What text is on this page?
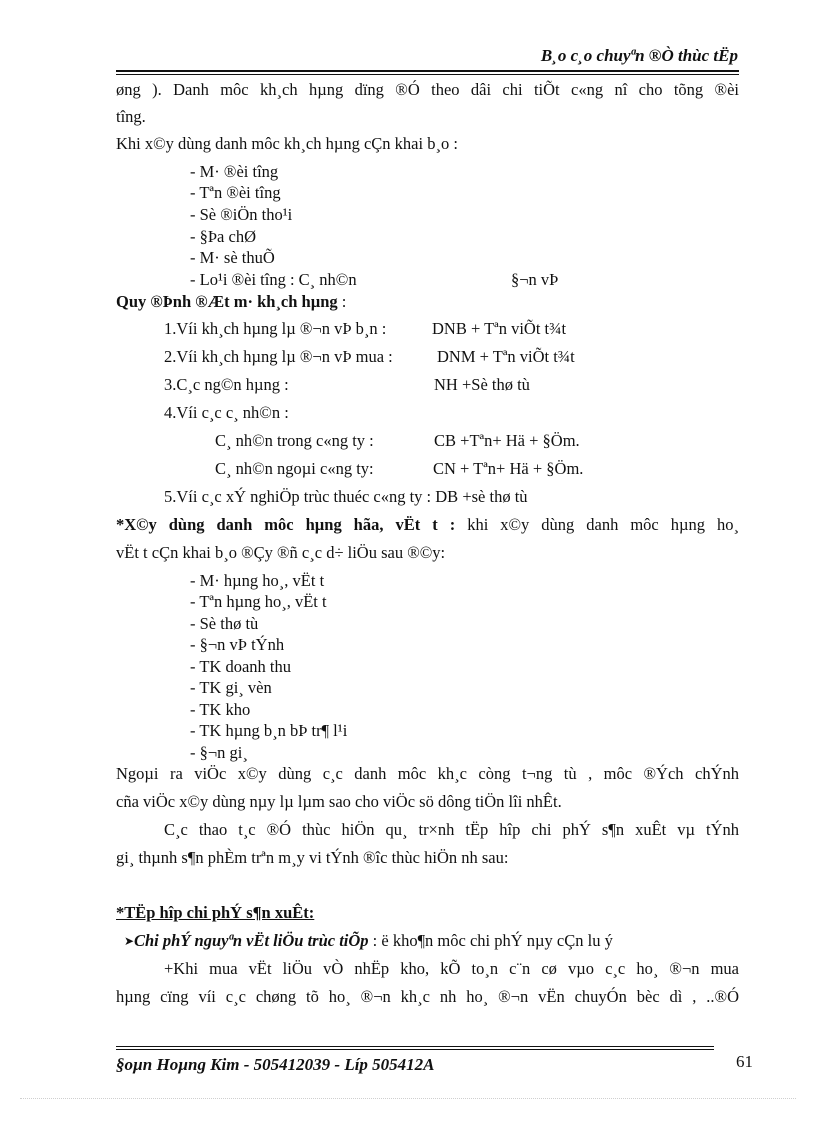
B¸o c¸o chuyªn ®Ò thùc tËp
øng ). Danh môc kh¸ch hµng dïng ®Ó theo dâi chi tiÕt c«ng nî cho tõng ®èi
tîng.
Khi x©y dùng danh môc kh¸ch hµng cÇn khai b¸o :
- M· ®èi tîng
- Tªn ®èi tîng
- Sè ®iÖn tho¹i
- §Þa chØ
- M· sè thuÕ
- Lo¹i ®èi tîng : C¸ nh©n	§¬n vÞ
Quy ®Þnh ®Æt m· kh¸ch hµng :
1.Víi kh¸ch hµng lµ ®¬n vÞ b¸n :	DNB + Tªn viÕt t¾t
2.Víi kh¸ch hµng lµ ®¬n vÞ mua :	DNM + Tªn viÕt t¾t
3.C¸c ng©n hµng :	NH +Sè thø tù
4.Víi c¸c c¸ nh©n :
C¸ nh©n trong c«ng ty :	CB +Tªn+ Hä + §Öm.
C¸ nh©n ngoµi c«ng ty:	CN + Tªn+ Hä + §Öm.
5.Víi c¸c xÝ nghiÖp trùc thuéc c«ng ty : DB +sè thø tù
*X©y dùng danh môc hµng hãa, vËt t : khi x©y dùng danh môc hµng ho¸
vËt t cÇn khai b¸o ®Çy ®ñ c¸c d÷ liÖu sau ®©y:
- M· hµng ho¸, vËt t
- Tªn hµng ho¸, vËt t
- Sè thø tù
- §¬n vÞ tÝnh
- TK doanh thu
- TK gi¸ vèn
- TK kho
- TK hµng b¸n bÞ tr¶ l¹i
- §¬n gi¸
Ngoµi ra viÖc x©y dùng c¸c danh môc kh¸c còng t¬ng tù , môc ®Ých chÝnh
cña viÖc x©y dùng nµy lµ lµm sao cho viÖc sö dông tiÖn lîi nhÊt.
C¸c thao t¸c ®Ó thùc hiÖn qu¸ tr×nh tËp hîp chi phÝ s¶n xuÊt vµ tÝnh
gi¸ thµnh s¶n phÈm trªn m¸y vi tÝnh ®îc thùc hiÖn nh sau:
*TËp hîp chi phÝ s¶n xuÊt:
➤Chi phÝ nguyªn vËt liÖu trùc tiÕp : ë kho¶n môc chi phÝ nµy cÇn lu ý
+Khi mua vËt liÖu vÒ nhËp kho, kÕ to¸n c¨n cø vµo c¸c ho¸ ®¬n mua
hµng cïng víi c¸c chøng tõ ho¸ ®¬n kh¸c nh ho¸ ®¬n vËn chuyÓn bèc dì , ..®Ó
§oµn Hoµng Kim - 505412039 - Líp 505412A	61
